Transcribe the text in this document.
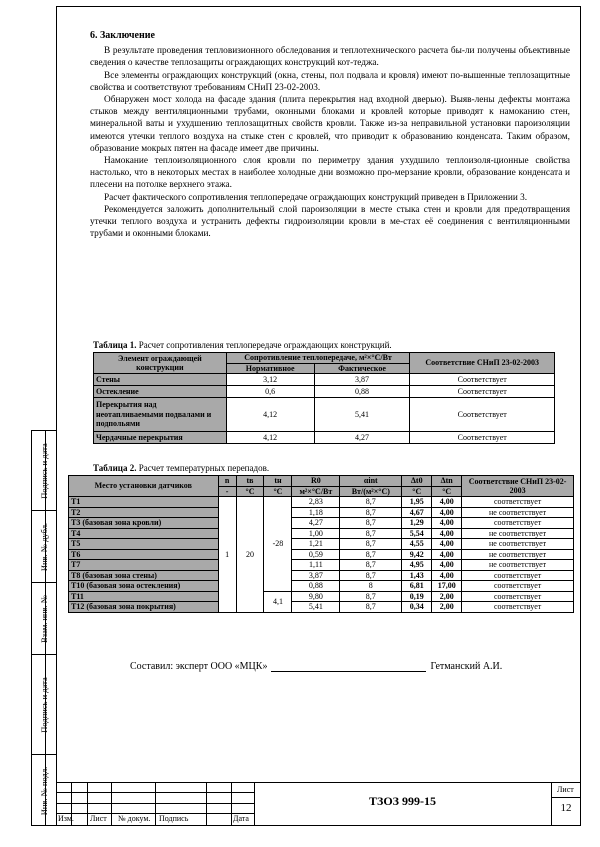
Подпись и дата
Инв. № дубл.
Взам. инв. №
Подпись и дата
Инв. № подл.
6. Заключение

В результате проведения тепловизионного обследования и теплотехнического расчета бы-ли получены объективные сведения о качестве теплозащиты ограждающих конструкций кот-теджа.

Все элементы ограждающих конструкций (окна, стены, пол подвала и кровля) имеют по-вышенные теплозащитные свойства и соответствуют требованиям СНиП 23-02-2003.

Обнаружен мост холода на фасаде здания (плита перекрытия над входной дверью). Выяв-лены дефекты монтажа стыков между вентиляционными трубами, оконными блоками и кровлей которые приводят к намоканию стен, минеральной ваты и ухудшению теплозащитных свойств кровли. Также из-за неправильной установки пароизоляции имеются утечки теплого воздуха на стыке стен с кровлей, что приводит к образованию конденсата. Таким образом, образование мокрых пятен на фасаде имеет две причины.

Намокание теплоизоляционного слоя кровли по периметру здания ухудшило теплоизоля-ционные свойства настолько, что в некоторых местах в наиболее холодные дни возможно про-мерзание кровли, образование конденсата и плесени на потолке верхнего этажа.

Расчет фактического сопротивления теплопередаче ограждающих конструкций приведен в Приложении 3.

Рекомендуется заложить дополнительный слой пароизоляции в месте стыка стен и кровли для предотвращения утечки теплого воздуха и устранить дефекты гидроизоляции кровли в ме-стах её соединения с вентиляционными трубами и оконными блоками.

Таблица 1. Расчет сопротивления теплопередаче ограждающих конструкций.
Элемент ограждающей конструкции	Сопротивление теплопередаче, м²×°С/Вт		Соответствие СНиП 23-02-2003
	Нормативное	Фактическое	
Стены	3,12	3,87	Соответствует
Остекление	0,6	0,88	Соответствует
Перекрытия над неотапливаемыми подвалами и подпольями	4,12	5,41	Соответствует
Чердачные перекрытия	4,12	4,27	Соответствует
Таблица 2. Расчет температурных перепадов.
Место установки датчиков	n	tв	tн	R0	αint	Δt0	Δtn	Соответствие СНиП 23-02-2003
	-	°С	°С	м²×°С/Вт	Вт/(м²×°С)	°С	°С	
T1	1	20	-28	2,83	8,7	1,95	4,00	соответствует
T2				1,18	8,7	4,67	4,00	не соответствует
T3 (базовая зона кровли)				4,27	8,7	1,29	4,00	соответствует
T4				1,00	8,7	5,54	4,00	не соответствует
T5				1,21	8,7	4,55	4,00	не соответствует
T6				0,59	8,7	9,42	4,00	не соответствует
T7				1,11	8,7	4,95	4,00	не соответствует
T8 (базовая зона стены)				3,87	8,7	1,43	4,00	соответствует
T10 (базовая зона остекления)				0,88	8	6,81	17,00	соответствует
T11			4,1	9,80	8,7	0,19	2,00	соответствует
T12 (базовая зона покрытия)				5,41	8,7	0,34	2,00	соответствует
Составил: эксперт ООО «МЦК»	Гетманский А.И.
Изм. Лист № докум. Подпись	Дата
ТЗОЗ 999-15
Лист
12
